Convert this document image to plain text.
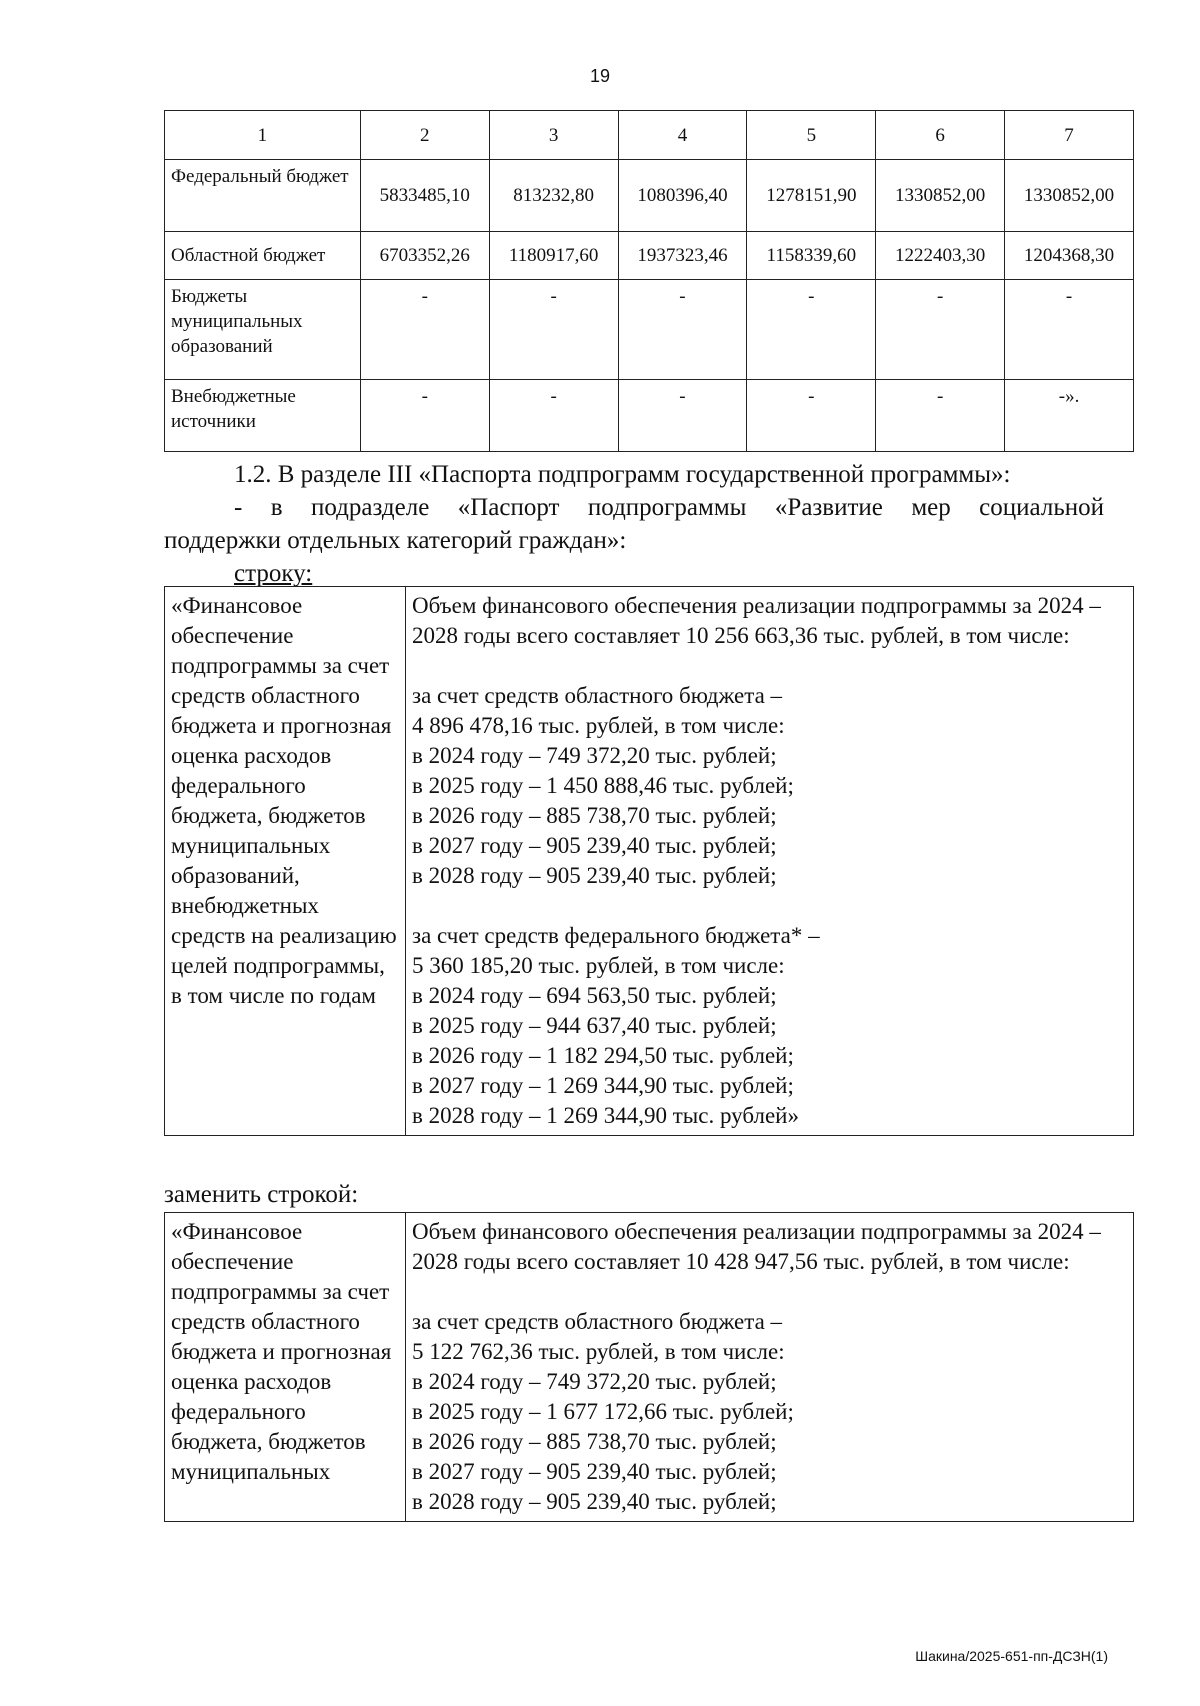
19
1	2	3	4	5	6	7
Федеральный бюджет	5833485,10	813232,80	1080396,40	1278151,90	1330852,00	1330852,00
Областной бюджет	6703352,26	1180917,60	1937323,46	1158339,60	1222403,30	1204368,30
Бюджеты муниципальных образований	-	-	-	-	-	-
Внебюджетные источники	-	-	-	-	-	-».
1.2. В разделе III «Паспорта подпрограмм государственной программы»:
- в подразделе «Паспорт подпрограммы «Развитие мер социальной
поддержки отдельных категорий граждан»:
строку:
«Финансовое обеспечение подпрограммы за счет средств областного бюджета и прогнозная оценка расходов федерального бюджета, бюджетов муниципальных образований, внебюджетных средств на реализацию целей подпрограммы, в том числе по годам	
Объем финансового обеспечения реализации подпрограммы за 2024 – 2028 годы всего составляет 10 256 663,36 тыс. рублей, в том числе:
за счет средств областного бюджета –
4 896 478,16 тыс. рублей, в том числе:
в 2024 году – 749 372,20 тыс. рублей;
в 2025 году – 1 450 888,46 тыс. рублей;
в 2026 году – 885 738,70 тыс. рублей;
в 2027 году – 905 239,40 тыс. рублей;
в 2028 году – 905 239,40 тыс. рублей;
за счет средств федерального бюджета* –
5 360 185,20 тыс. рублей, в том числе:
в 2024 году – 694 563,50 тыс. рублей;
в 2025 году – 944 637,40 тыс. рублей;
в 2026 году – 1 182 294,50 тыс. рублей;
в 2027 году – 1 269 344,90 тыс. рублей;
в 2028 году – 1 269 344,90 тыс. рублей»
заменить строкой:
«Финансовое обеспечение подпрограммы за счет средств областного бюджета и прогнозная оценка расходов федерального бюджета, бюджетов муниципальных	
Объем финансового обеспечения реализации подпрограммы за 2024 – 2028 годы всего составляет 10 428 947,56 тыс. рублей, в том числе:
за счет средств областного бюджета –
5 122 762,36 тыс. рублей, в том числе:
в 2024 году – 749 372,20 тыс. рублей;
в 2025 году – 1 677 172,66 тыс. рублей;
в 2026 году – 885 738,70 тыс. рублей;
в 2027 году – 905 239,40 тыс. рублей;
в 2028 году – 905 239,40 тыс. рублей;
Шакина/2025-651-пп-ДСЗН(1)
